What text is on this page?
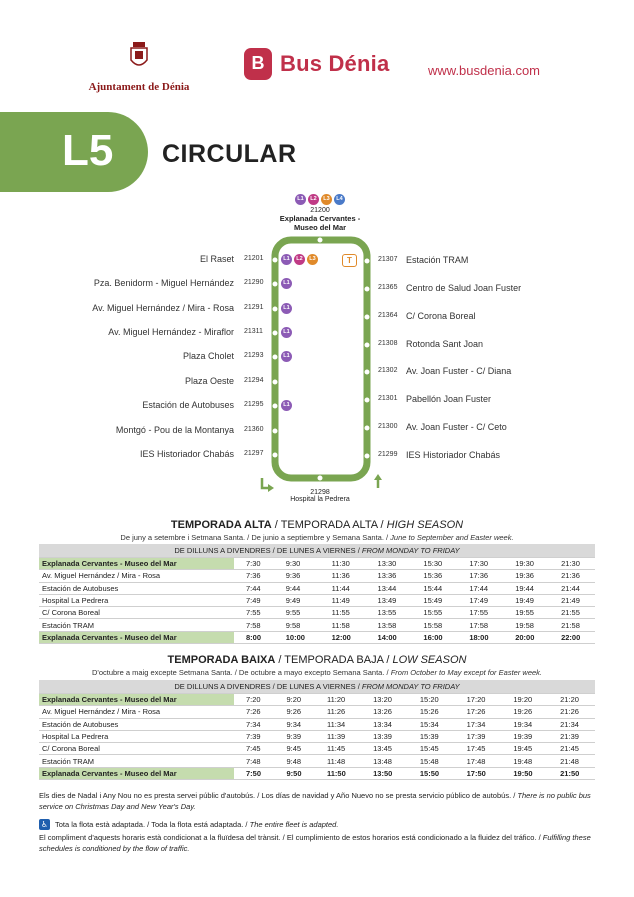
Ajuntament de Dénia
B Bus Dénia	www.busdenia.com
L5 CIRCULAR
L1	L2	L3	L4
21200
Explanada Cervantes -
Museo del Mar
21298
Hospital la Pedrera
El Raset 21201	L1	L2	L3
Pza. Benidorm - Miguel Hernández 21290	L1
Av. Miguel Hernández / Mira - Rosa 21291	L1
Av. Miguel Hernández - Miraflor 21311	L1
Plaza Cholet 21293	L1
Plaza Oeste 21294
Estación de Autobuses 21295	L1
Montgó - Pou de la Montanya 21360
IES Historiador Chabás 21297
21307 Estación TRAM
T
21365 Centro de Salud Joan Fuster
21364 C/ Corona Boreal
21308 Rotonda Sant Joan
21302 Av. Joan Fuster - C/ Diana
21301 Pabellón Joan Fuster
21300 Av. Joan Fuster - C/ Ceto
21299 IES Historiador Chabás
TEMPORADA ALTA / TEMPORADA ALTA / HIGH SEASON
De juny a setembre i Setmana Santa. / De junio a septiembre y Semana Santa. / June to September and Easter week.
DE DILLUNS A DIVENDRES / DE LUNES A VIERNES / FROM MONDAY TO FRIDAY								
Explanada Cervantes - Museo del Mar	7:30	9:30	11:30	13:30	15:30	17:30	19:30	21:30
Av. Miguel Hernández / Mira - Rosa	7:36	9:36	11:36	13:36	15:36	17:36	19:36	21:36
Estación de Autobuses	7:44	9:44	11:44	13:44	15:44	17:44	19:44	21:44
Hospital La Pedrera	7:49	9:49	11:49	13:49	15:49	17:49	19:49	21:49
C/ Corona Boreal	7:55	9:55	11:55	13:55	15:55	17:55	19:55	21:55
Estación TRAM	7:58	9:58	11:58	13:58	15:58	17:58	19:58	21:58
Explanada Cervantes - Museo del Mar	8:00	10:00	12:00	14:00	16:00	18:00	20:00	22:00
TEMPORADA BAIXA / TEMPORADA BAJA / LOW SEASON
D'octubre a maig excepte Setmana Santa. / De octubre a mayo excepto Semana Santa. / From October to May except for Easter week.
DE DILLUNS A DIVENDRES / DE LUNES A VIERNES / FROM MONDAY TO FRIDAY								
Explanada Cervantes - Museo del Mar	7:20	9:20	11:20	13:20	15:20	17:20	19:20	21:20
Av. Miguel Hernández / Mira - Rosa	7:26	9:26	11:26	13:26	15:26	17:26	19:26	21:26
Estación de Autobuses	7:34	9:34	11:34	13:34	15:34	17:34	19:34	21:34
Hospital La Pedrera	7:39	9:39	11:39	13:39	15:39	17:39	19:39	21:39
C/ Corona Boreal	7:45	9:45	11:45	13:45	15:45	17:45	19:45	21:45
Estación TRAM	7:48	9:48	11:48	13:48	15:48	17:48	19:48	21:48
Explanada Cervantes - Museo del Mar	7:50	9:50	11:50	13:50	15:50	17:50	19:50	21:50
Els dies de Nadal i Any Nou no es presta servei públic d'autobús. / Los días de navidad y Año Nuevo no se presta servicio público de autobús. / There is no public bus service on Christmas Day and New Year's Day.
♿ Tota la flota està adaptada. / Toda la flota está adaptada. / The entire fleet is adapted.
El compliment d'aquests horaris està condicionat a la fluïdesa del trànsit. / El cumplimiento de estos horarios está condicionado a la fluidez del tráfico. / Fulfilling these schedules is conditioned by the flow of traffic.
